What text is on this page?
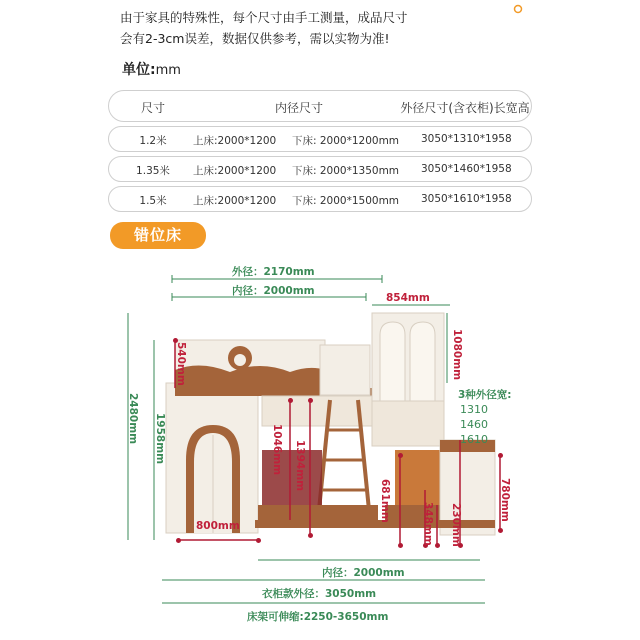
由于家具的特殊性，每个尺寸由手工测量，成品尺寸
会有2-3cm误差，数据仅供参考，需以实物为准!
单位:mm
尺寸	内径尺寸	外径尺寸(含衣柜)长宽高
1.2米	上床:2000*1200 下床: 2000*1200mm 3050*1310*1958
1.35米	上床:2000*1200 下床: 2000*1350mm 3050*1460*1958
1.5米	上床:2000*1200 下床: 2000*1500mm 3050*1610*1958
错位床
外径：2170mm
内径：2000mm
854mm
1080mm
540mm
2480mm 1958mm	1046mm 1394mm
681mm
348mm 230mm
780mm
800mm
3种外径宽:
1310
1460
1610
内径：2000mm
衣柜款外径：3050mm
床架可伸缩:2250-3650mm
